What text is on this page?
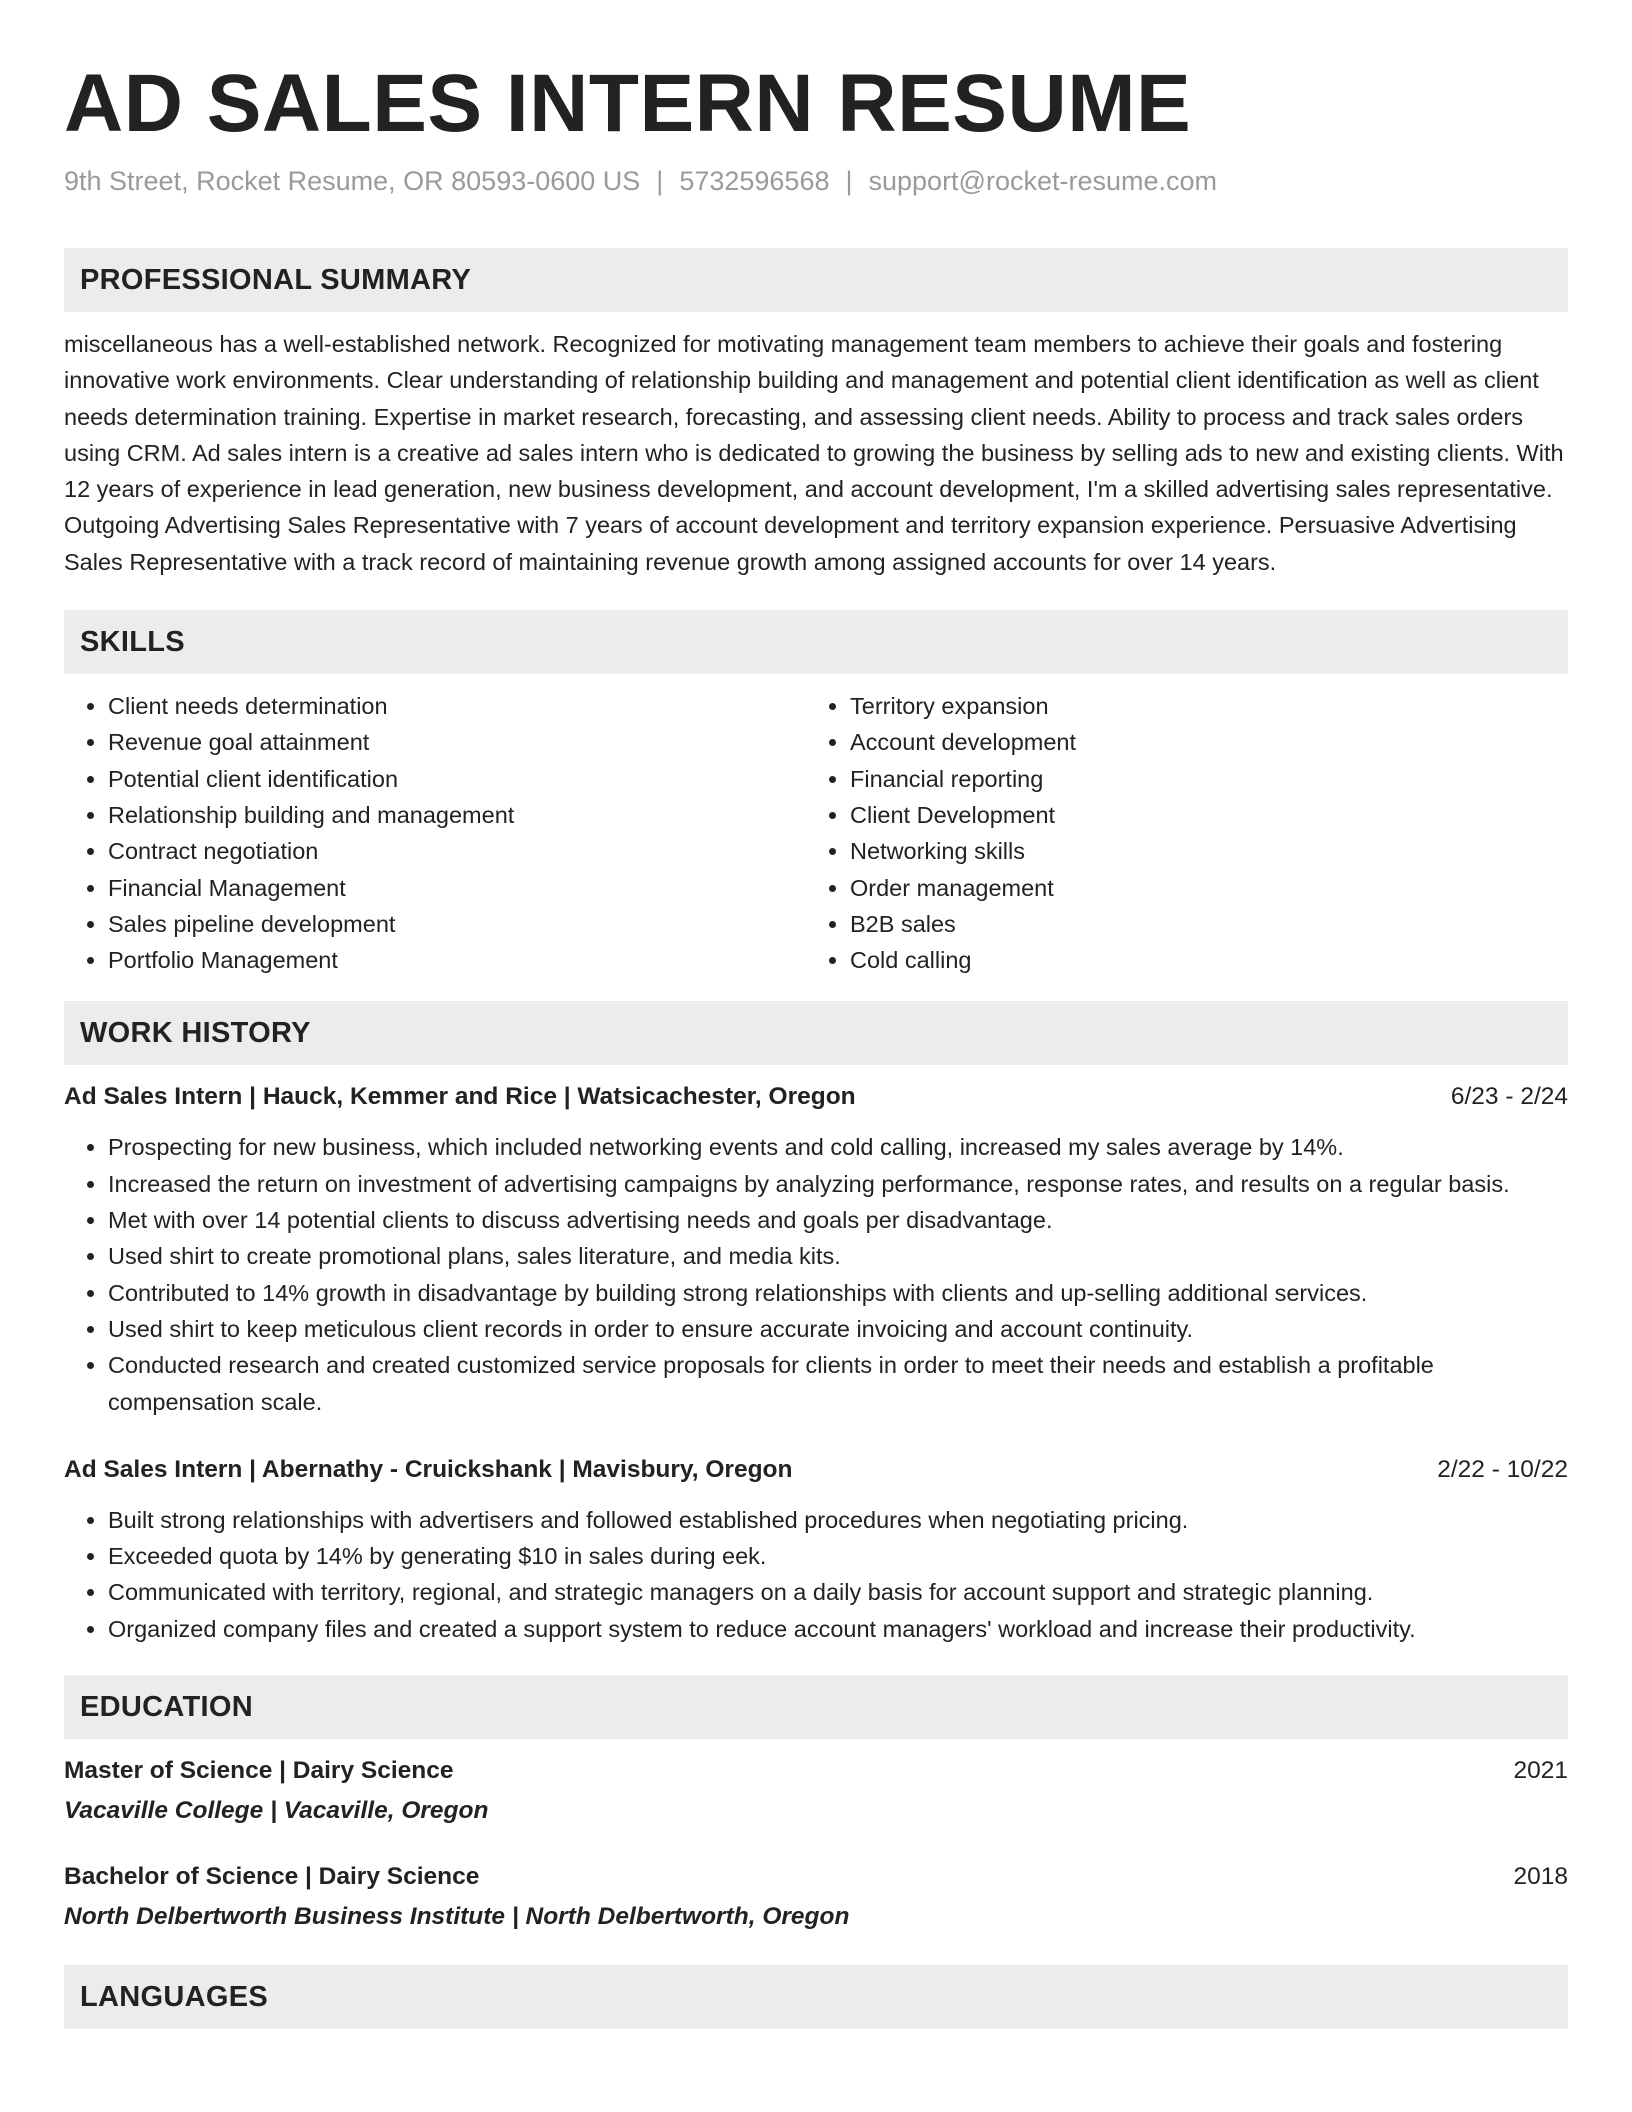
AD SALES INTERN RESUME
9th Street, Rocket Resume, OR 80593-0600 US | 5732596568 | support@rocket-resume.com
PROFESSIONAL SUMMARY
miscellaneous has a well-established network. Recognized for motivating management team members to achieve their goals and fostering innovative work environments. Clear understanding of relationship building and management and potential client identification as well as client needs determination training. Expertise in market research, forecasting, and assessing client needs. Ability to process and track sales orders using CRM. Ad sales intern is a creative ad sales intern who is dedicated to growing the business by selling ads to new and existing clients. With 12 years of experience in lead generation, new business development, and account development, I'm a skilled advertising sales representative. Outgoing Advertising Sales Representative with 7 years of account development and territory expansion experience. Persuasive Advertising Sales Representative with a track record of maintaining revenue growth among assigned accounts for over 14 years.
SKILLS
• Client needs determination
• Revenue goal attainment
• Potential client identification
• Relationship building and management
• Contract negotiation
• Financial Management
• Sales pipeline development
• Portfolio Management
• Territory expansion
• Account development
• Financial reporting
• Client Development
• Networking skills
• Order management
• B2B sales
• Cold calling
WORK HISTORY
Ad Sales Intern | Hauck, Kemmer and Rice | Watsicachester, Oregon	6/23 - 2/24
• Prospecting for new business, which included networking events and cold calling, increased my sales average by 14%.
• Increased the return on investment of advertising campaigns by analyzing performance, response rates, and results on a regular basis.
• Met with over 14 potential clients to discuss advertising needs and goals per disadvantage.
• Used shirt to create promotional plans, sales literature, and media kits.
• Contributed to 14% growth in disadvantage by building strong relationships with clients and up-selling additional services.
• Used shirt to keep meticulous client records in order to ensure accurate invoicing and account continuity.
• Conducted research and created customized service proposals for clients in order to meet their needs and establish a profitable compensation scale.
Ad Sales Intern | Abernathy - Cruickshank | Mavisbury, Oregon	2/22 - 10/22
• Built strong relationships with advertisers and followed established procedures when negotiating pricing.
• Exceeded quota by 14% by generating $10 in sales during eek.
• Communicated with territory, regional, and strategic managers on a daily basis for account support and strategic planning.
• Organized company files and created a support system to reduce account managers' workload and increase their productivity.
EDUCATION
Master of Science | Dairy Science	2021
Vacaville College | Vacaville, Oregon
Bachelor of Science | Dairy Science	2018
North Delbertworth Business Institute | North Delbertworth, Oregon
LANGUAGES
